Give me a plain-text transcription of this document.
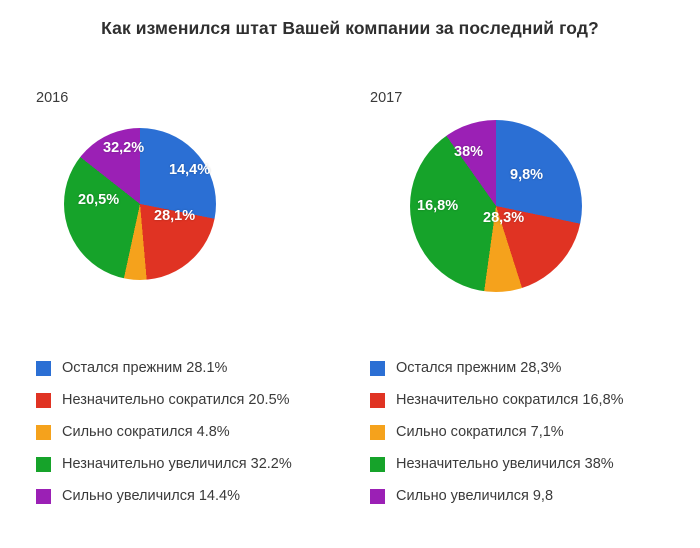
Как изменился штат Вашей компании за последний год?
2016
28,1%
20,5%
32,2%
14,4%
Остался прежним 28.1%
Незначительно сократился 20.5%
Сильно сократился 4.8%
Незначительно увеличился 32.2%
Сильно увеличился 14.4%
2017
28,3%
16,8%
38%
9,8%
Остался прежним 28,3%
Незначительно сократился 16,8%
Сильно сократился 7,1%
Незначительно увеличился 38%
Сильно увеличился 9,8
